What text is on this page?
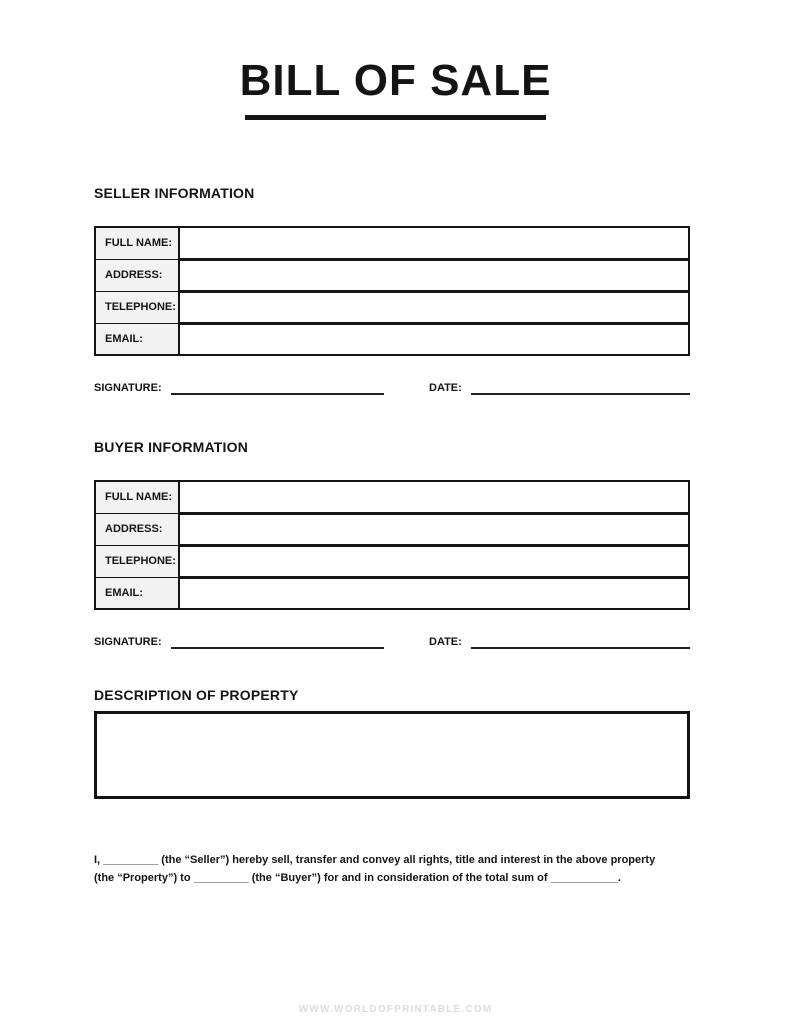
BILL OF SALE
SELLER INFORMATION
FULL NAME:	
ADDRESS:	
TELEPHONE:	
EMAIL:	
SIGNATURE:	DATE:
BUYER INFORMATION
FULL NAME:	
ADDRESS:	
TELEPHONE:	
EMAIL:	
SIGNATURE:	DATE:
DESCRIPTION OF PROPERTY
I, _________ (the “Seller”) hereby sell, transfer and convey all rights, title and interest in the above property
(the “Property”) to _________ (the “Buyer”) for and in consideration of the total sum of ___________.
WWW.WORLDOFPRINTABLE.COM
